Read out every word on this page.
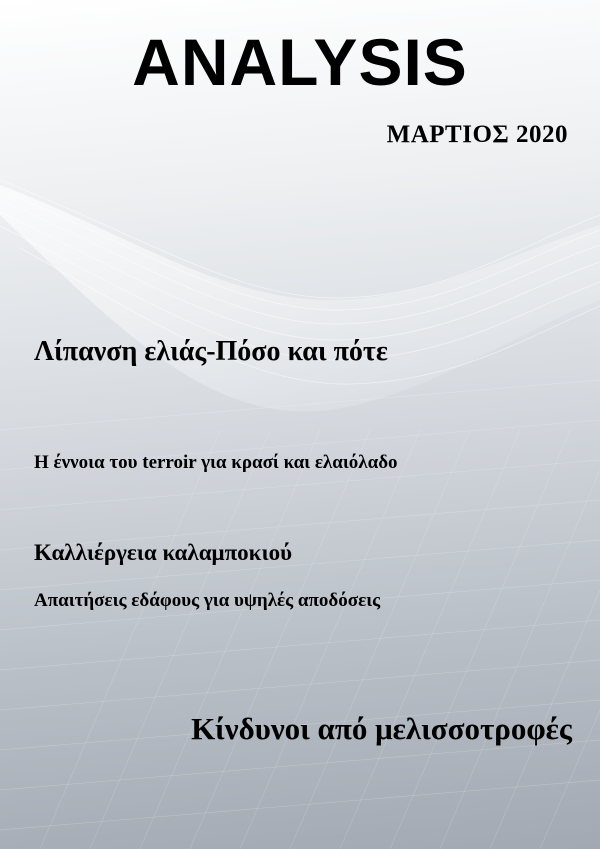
ANALYSIS
ΜΑΡΤΙΟΣ 2020
Λίπανση ελιάς-Πόσο και πότε
Η έννοια του terroir για κρασί και ελαιόλαδο
Καλλιέργεια καλαμποκιού
Απαιτήσεις εδάφους για υψηλές αποδόσεις
Κίνδυνοι από μελισσοτροφές
